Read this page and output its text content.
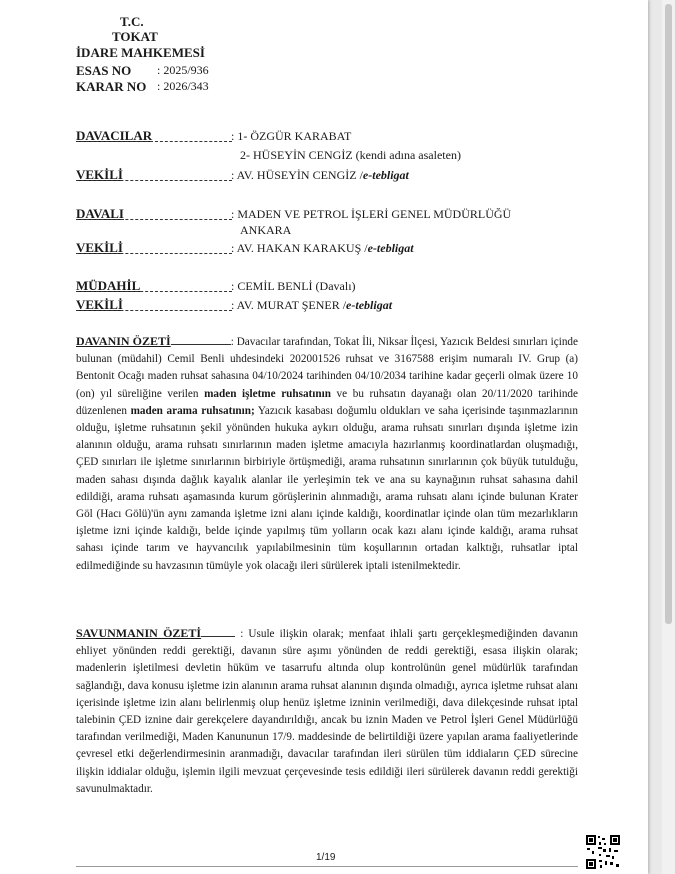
T.C.
TOKAT
İDARE MAHKEMESİ
ESAS NO : 2025/936
KARAR NO : 2026/343
DAVACILAR	: 1- ÖZGÜR KARABAT
2- HÜSEYİN CENGİZ (kendi adına asaleten)
VEKİLİ	: AV. HÜSEYİN CENGİZ /e-tebligat
DAVALI	: MADEN VE PETROL İŞLERİ GENEL MÜDÜRLÜĞÜ
ANKARA
VEKİLİ	: AV. HAKAN KARAKUŞ /e-tebligat
MÜDAHİL	: CEMİL BENLİ (Davalı)
VEKİLİ	: AV. MURAT ŞENER /e-tebligat
DAVANIN ÖZETİ	: Davacılar tarafından, Tokat İli, Niksar İlçesi, Yazıcık Beldesi sınırları içinde bulunan (müdahil) Cemil Benli uhdesindeki 202001526 ruhsat ve 3167588 erişim numaralı IV. Grup (a) Bentonit Ocağı maden ruhsat sahasına 04/10/2024 tarihinden 04/10/2034 tarihine kadar geçerli olmak üzere 10 (on) yıl süreliğine verilen maden işletme ruhsatının ve bu ruhsatın dayanağı olan 20/11/2020 tarihinde düzenlenen maden arama ruhsatının; Yazıcık kasabası doğumlu oldukları ve saha içerisinde taşınmazlarının olduğu, işletme ruhsatının şekil yönünden hukuka aykırı olduğu, arama ruhsatı sınırları dışında işletme izin alanının olduğu, arama ruhsatı sınırlarının maden işletme amacıyla hazırlanmış koordinatlardan oluşmadığı, ÇED sınırları ile işletme sınırlarının birbiriyle örtüşmediği, arama ruhsatının sınırlarının çok büyük tutulduğu, maden sahası dışında dağlık kayalık alanlar ile yerleşimin tek ve ana su kaynağının ruhsat sahasına dahil edildiği, arama ruhsatı aşamasında kurum görüşlerinin alınmadığı, arama ruhsatı alanı içinde bulunan Krater Göl (Hacı Gölü)'ün aynı zamanda işletme izni alanı içinde kaldığı, koordinatlar içinde olan tüm mezarlıkların işletme izni içinde kaldığı, belde içinde yapılmış tüm yolların ocak kazı alanı içinde kaldığı, arama ruhsat sahası içinde tarım ve hayvancılık yapılabilmesinin tüm koşullarının ortadan kalktığı, ruhsatlar iptal edilmediğinde su havzasının tümüyle yok olacağı ileri sürülerek iptali istenilmektedir.
SAVUNMANIN ÖZETİ	: Usule ilişkin olarak; menfaat ihlali şartı gerçekleşmediğinden davanın ehliyet yönünden reddi gerektiği, davanın süre aşımı yönünden de reddi gerektiği, esasa ilişkin olarak; madenlerin işletilmesi devletin hüküm ve tasarrufu altında olup kontrolünün genel müdürlük tarafından sağlandığı, dava konusu işletme izin alanının arama ruhsat alanının dışında olmadığı, ayrıca işletme ruhsat alanı içerisinde işletme izin alanı belirlenmiş olup henüz işletme izninin verilmediği, dava dilekçesinde ruhsat iptal talebinin ÇED iznine dair gerekçelere dayandırıldığı, ancak bu iznin Maden ve Petrol İşleri Genel Müdürlüğü tarafından verilmediği, Maden Kanununun 17/9. maddesinde de belirtildiği üzere yapılan arama faaliyetlerinde çevresel etki değerlendirmesinin aranmadığı, davacılar tarafından ileri sürülen tüm iddiaların ÇED sürecine ilişkin iddialar olduğu, işlemin ilgili mevzuat çerçevesinde tesis edildiği ileri sürülerek davanın reddi gerektiği savunulmaktadır.
1/19
